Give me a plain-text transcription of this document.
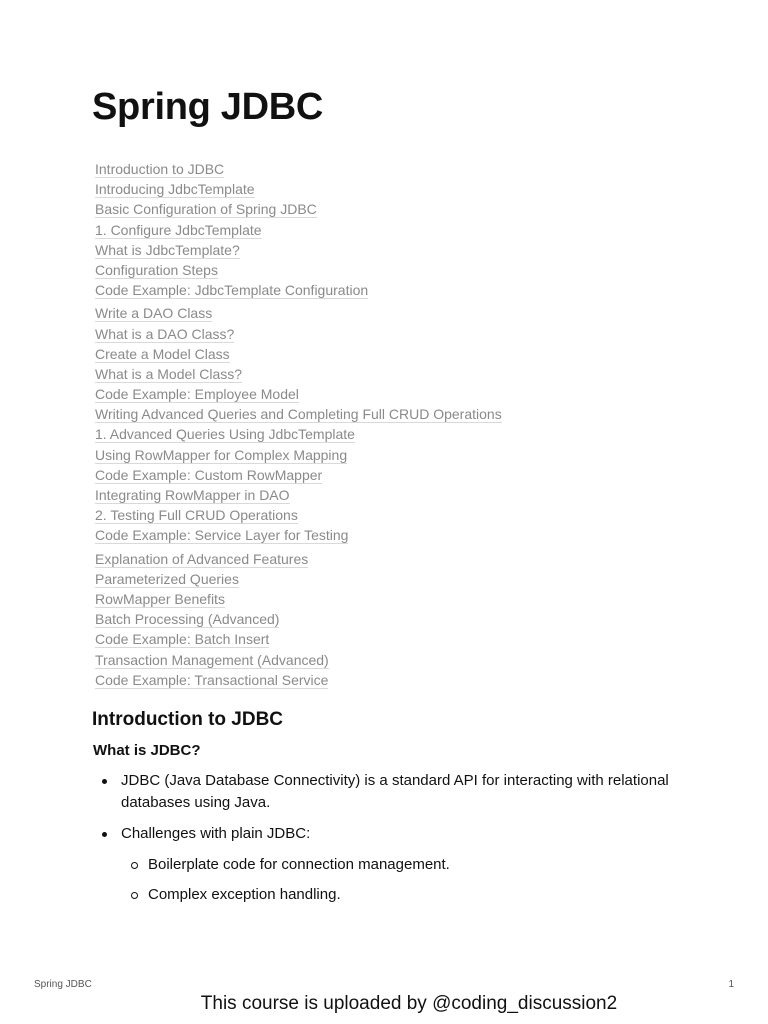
Spring JDBC
Introduction to JDBC
Introducing JdbcTemplate
Basic Configuration of Spring JDBC
1. Configure JdbcTemplate
What is JdbcTemplate?
Configuration Steps
Code Example: JdbcTemplate Configuration
Write a DAO Class
What is a DAO Class?
Create a Model Class
What is a Model Class?
Code Example: Employee Model
Writing Advanced Queries and Completing Full CRUD Operations
1. Advanced Queries Using JdbcTemplate
Using RowMapper for Complex Mapping
Code Example: Custom RowMapper
Integrating RowMapper in DAO
2. Testing Full CRUD Operations
Code Example: Service Layer for Testing
Explanation of Advanced Features
Parameterized Queries
RowMapper Benefits
Batch Processing (Advanced)
Code Example: Batch Insert
Transaction Management (Advanced)
Code Example: Transactional Service
Introduction to JDBC
What is JDBC?
JDBC (Java Database Connectivity) is a standard API for interacting with relational databases using Java.
Challenges with plain JDBC:
Boilerplate code for connection management.
Complex exception handling.
Spring JDBC	1
This course is uploaded by @coding_discussion2
